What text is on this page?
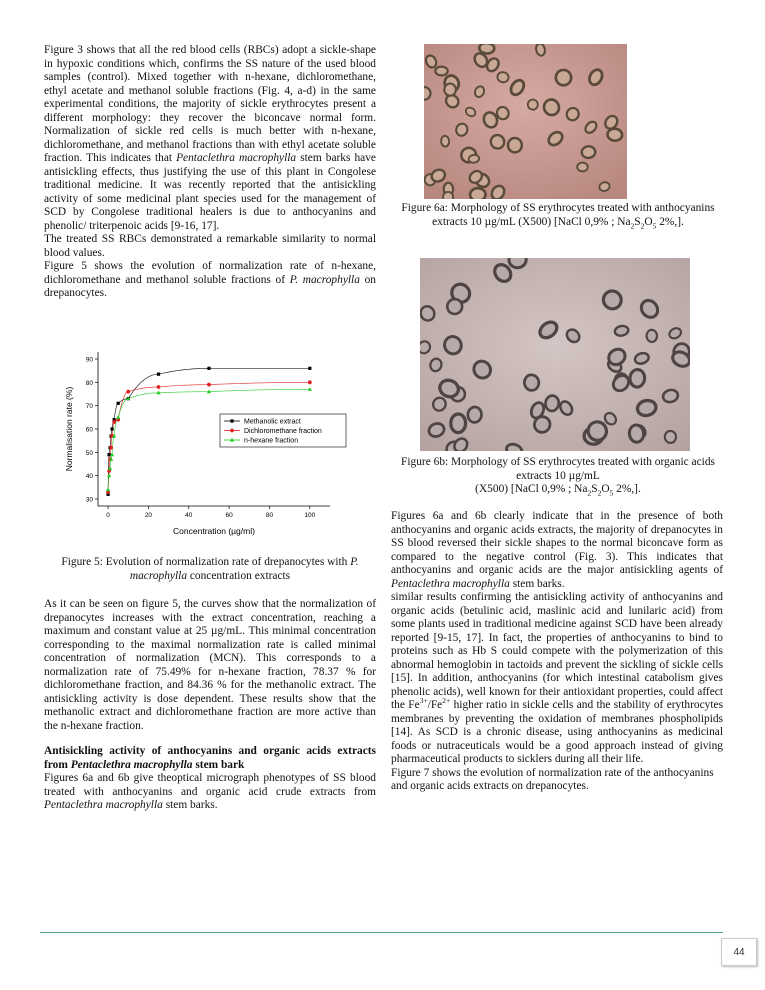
Figure 3 shows that all the red blood cells (RBCs) adopt a sickle-shape in hypoxic conditions which, confirms the SS nature of the used blood samples (control). Mixed together with n-hexane, dichloromethane, ethyl acetate and methanol soluble fractions (Fig. 4, a-d) in the same experimental conditions, the majority of sickle erythrocytes present a different morphology: they recover the biconcave normal form. Normalization of sickle red cells is much better with n-hexane, dichloromethane, and methanol fractions than with ethyl acetate soluble fraction. This indicates that Pentaclethra macrophylla stem barks have antisickling effects, thus justifying the use of this plant in Congolese traditional medicine. It was recently reported that the antisickling activity of some medicinal plant species used for the management of SCD by Congolese traditional healers is due to anthocyanins and phenolic/ triterpenoic acids [9-16, 17].

The treated SS RBCs demonstrated a remarkable similarity to normal blood values.

Figure 5 shows the evolution of normalization rate of n-hexane, dichloromethane and methanol soluble fractions of P. macrophylla on drepanocytes.

30
40
50
60
70
80
90
0	20	40	60	80	100
Methanolic extract
Dichloromethane fraction
n-hexane fraction
Concentration (µg/ml)
Normalisation rate (%)
Figure 5: Evolution of normalization rate of drepanocytes with P. macrophylla concentration extracts

As it can be seen on figure 5, the curves show that the normalization of drepanocytes increases with the extract concentration, reaching a maximum and constant value at 25 µg/mL. This minimal concentration corresponding to the maximal normalization rate is called minimal concentration of normalization (MCN). This corresponds to a normalization rate of 75.49% for n-hexane fraction, 78.37 % for dichloromethane fraction, and 84.36 % for the methanolic extract. The antisickling activity is dose dependent. These results show that the methanolic extract and dichloromethane fraction are more active than the n-hexane fraction.

Antisickling activity of anthocyanins and organic acids extracts from Pentaclethra macrophylla stem bark

Figures 6a and 6b give theoptical micrograph phenotypes of SS blood treated with anthocyanins and organic acid crude extracts from Pentaclethra macrophylla stem barks.

Figure 6a: Morphology of SS erythrocytes treated with anthocyanins extracts 10 µg/mL (X500) [NaCl 0,9% ; $Na_2S_2O_5$ 2%,].
Figure 6b: Morphology of SS erythrocytes treated with organic acids extracts 10 µg/mL
(X500) [NaCl 0,9% ; $Na_2S_2O_5$ 2%,].

Figures 6a and 6b clearly indicate that in the presence of both anthocyanins and organic acids extracts, the majority of drepanocytes in SS blood reversed their sickle shapes to the normal biconcave form as compared to the negative control (Fig. 3). This indicates that anthocyanins and organic acids are the major antisickling agents of Pentaclethra macrophylla stem barks.

similar results confirming the antisickling activity of anthocyanins and organic acids (betulinic acid, maslinic acid and lunilaric acid) from some plants used in traditional medicine against SCD have been already reported [9-15, 17]. In fact, the properties of anthocyanins to bind to proteins such as Hb S could compete with the polymerization of this abnormal hemoglobin in tactoids and prevent the sickling of sickle cells [15]. In addition, anthocyanins (for which intestinal catabolism gives phenolic acids), well known for their antioxidant properties, could affect the $Fe^{3+}/Fe^{2+}$ higher ratio in sickle cells and the stability of erythrocytes membranes by preventing the oxidation of membranes phospholipids [14]. As SCD is a chronic disease, using anthocyanins as medicinal foods or nutraceuticals would be a good approach instead of giving pharmaceutical products to sicklers during all their life.

Figure 7 shows the evolution of normalization rate of the anthocyanins and organic acids extracts on drepanocytes.

44
